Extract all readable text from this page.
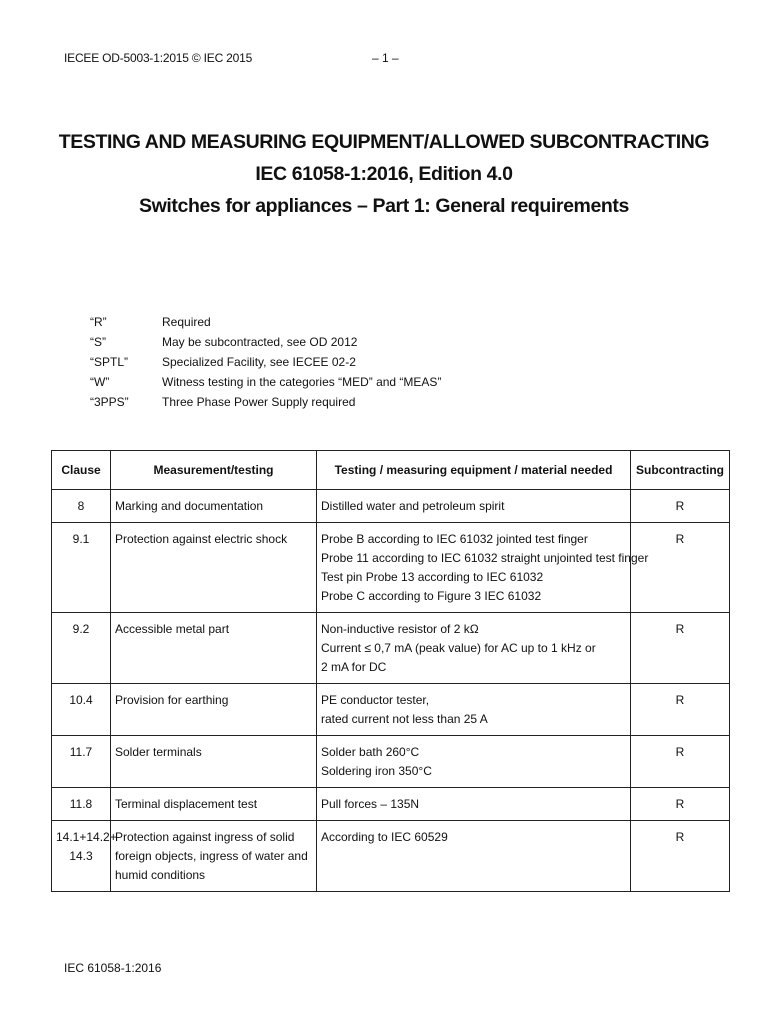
IECEE OD-5003-1:2015 © IEC 2015	– 1 –
TESTING AND MEASURING EQUIPMENT/ALLOWED SUBCONTRACTING
IEC 61058-1:2016, Edition 4.0
Switches for appliances – Part 1: General requirements
“R”	Required
“S”	May be subcontracted, see OD 2012
“SPTL”	Specialized Facility, see IECEE 02-2
“W”	Witness testing in the categories “MED” and “MEAS”
“3PPS”	Three Phase Power Supply required
Clause	Measurement/testing	Testing / measuring equipment / material needed	Subcontracting

8	Marking and documentation	Distilled water and petroleum spirit	R

9.1	Protection against electric shock	Probe B according to IEC 61032 jointed test finger
Probe 11 according to IEC 61032 straight unjointed test finger
Test pin Probe 13 according to IEC 61032
Probe C according to Figure 3 IEC 61032	R

9.2	Accessible metal part	Non-inductive resistor of 2 kΩ
Current ≤ 0,7 mA (peak value) for AC up to 1 kHz or
2 mA for DC	R

10.4	Provision for earthing	PE conductor tester,
rated current not less than 25 A	R

11.7	Solder terminals	Solder bath 260°C
Soldering iron 350°C	R

11.8	Terminal displacement test	Pull forces – 135N	R

14.1+14.2+ 14.3	Protection against ingress of solid foreign objects, ingress of water and humid conditions	According to IEC 60529	R
IEC 61058-1:2016
